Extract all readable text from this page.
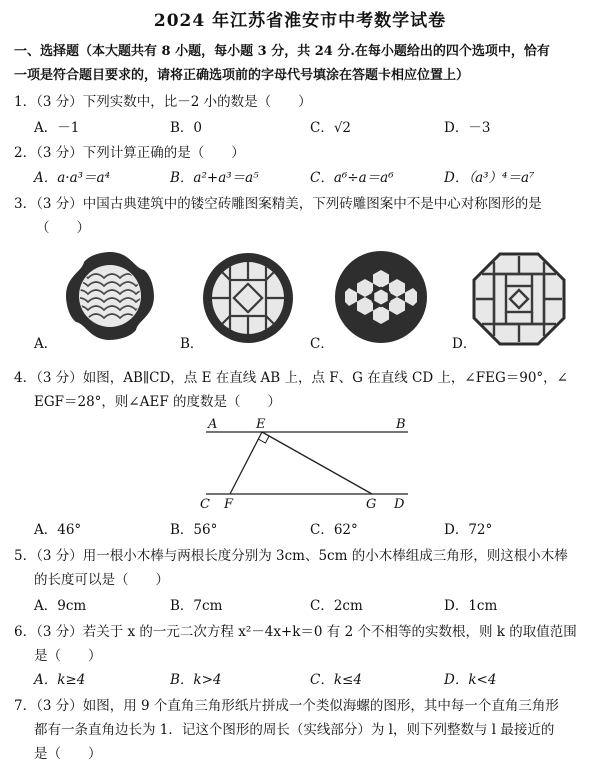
2024 年江苏省淮安市中考数学试卷
一、选择题（本大题共有 8 小题，每小题 3 分，共 24 分.在每小题给出的四个选项中，恰有
一项是符合题目要求的，请将正确选项前的字母代号填涂在答题卡相应位置上）
1．（3 分）下列实数中，比－2 小的数是（　　）
A．－1	B．0	C．√2	D．－3
2．（3 分）下列计算正确的是（　　）
A．a·a³＝a⁴	B．a²+a³＝a⁵	C．a⁶÷a＝a⁶	D．（a³）⁴＝a⁷
3．（3 分）中国古典建筑中的镂空砖雕图案精美，下列砖雕图案中不是中心对称图形的是
（　　）
A．	B．	C．	D．
4．（3 分）如图，AB∥CD，点 E 在直线 AB 上，点 F、G 在直线 CD 上，∠FEG＝90°，∠
EGF＝28°，则∠AEF 的度数是（　　）
A	E	B
C F	G D
A．46°	B．56°	C．62°	D．72°
5．（3 分）用一根小木棒与两根长度分别为 3cm、5cm 的小木棒组成三角形，则这根小木棒
的长度可以是（　　）
A．9cm	B．7cm	C．2cm	D．1cm
6．（3 分）若关于 x 的一元二次方程 x²－4x+k＝0 有 2 个不相等的实数根，则 k 的取值范围
是（　　）
A．k≥4	B．k>4	C．k≤4	D．k<4
7．（3 分）如图，用 9 个直角三角形纸片拼成一个类似海螺的图形，其中每一个直角三角形
都有一条直角边长为 1．记这个图形的周长（实线部分）为 l，则下列整数与 l 最接近的
是（　　）
